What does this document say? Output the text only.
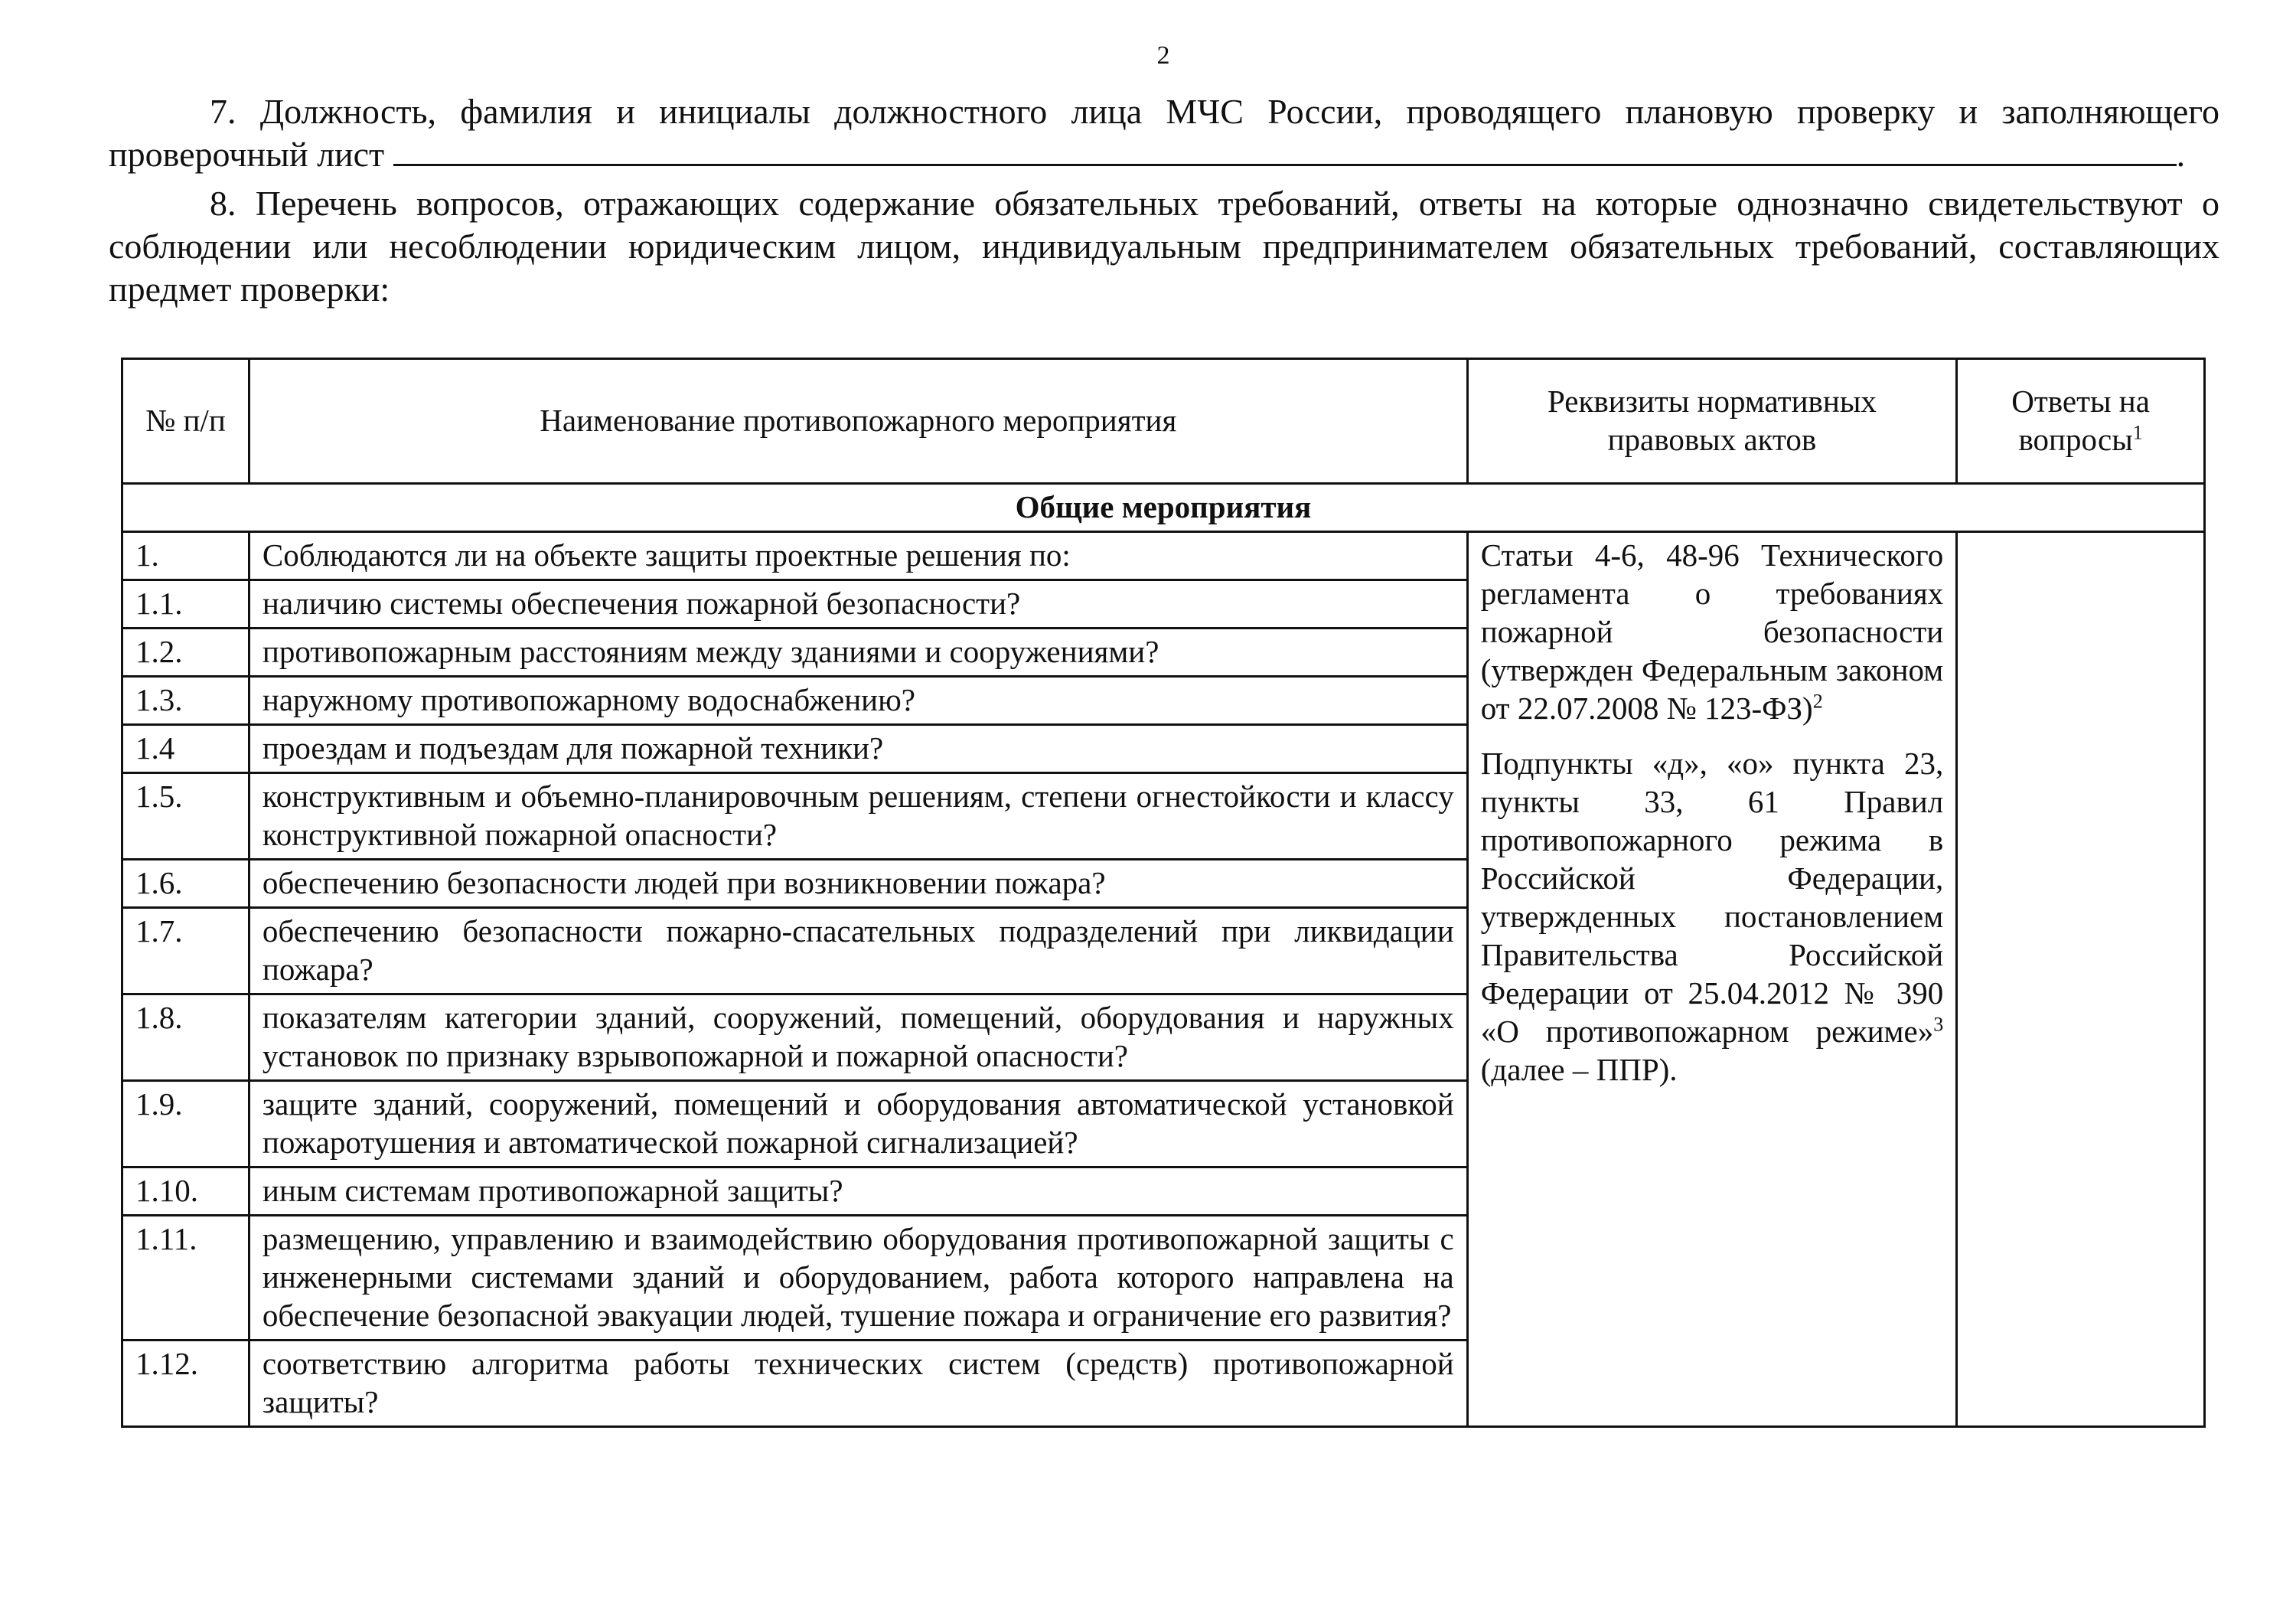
2

7. Должность, фамилия и инициалы должностного лица МЧС России, проводящего плановую проверку и заполняющего проверочный лист	.

8. Перечень вопросов, отражающих содержание обязательных требований, ответы на которые однозначно свидетельствуют о соблюдении или несоблюдении юридическим лицом, индивидуальным предпринимателем обязательных требований, составляющих предмет проверки:

№ п/п	Наименование противопожарного мероприятия	Реквизиты нормативных правовых актов	Ответы на вопросы$^1$
Общие мероприятия			
1.	Соблюдаются ли на объекте защиты проектные решения по:	Статьи 4-6, 48-96 Технического регламента о требованиях пожарной безопасности (утвержден Федеральным законом от 22.07.2008 № 123-ФЗ)$^2$

Подпункты «д», «о» пункта 23, пункты 33, 61 Правил противопожарного режима в Российской Федерации, утвержденных постановлением Правительства Российской Федерации от 25.04.2012 № 390 «О противопожарном режиме»$^3$ (далее – ППР).	

1.1.	наличию системы обеспечения пожарной безопасности?		
1.2.	противопожарным расстояниям между зданиями и сооружениями?		
1.3.	наружному противопожарному водоснабжению?		
1.4	проездам и подъездам для пожарной техники?		
1.5.	конструктивным и объемно-планировочным решениям, степени огнестойкости и классу конструктивной пожарной опасности?		
1.6.	обеспечению безопасности людей при возникновении пожара?		
1.7.	обеспечению безопасности пожарно-спасательных подразделений при ликвидации пожара?		
1.8.	показателям категории зданий, сооружений, помещений, оборудования и наружных установок по признаку взрывопожарной и пожарной опасности?		
1.9.	защите зданий, сооружений, помещений и оборудования автоматической установкой пожаротушения и автоматической пожарной сигнализацией?		
1.10.	иным системам противопожарной защиты?		
1.11.	размещению, управлению и взаимодействию оборудования противопожарной защиты с инженерными системами зданий и оборудованием, работа которого направлена на обеспечение безопасной эвакуации людей, тушение пожара и ограничение его развития?		
1.12.	соответствию алгоритма работы технических систем (средств) противопожарной защиты?		
